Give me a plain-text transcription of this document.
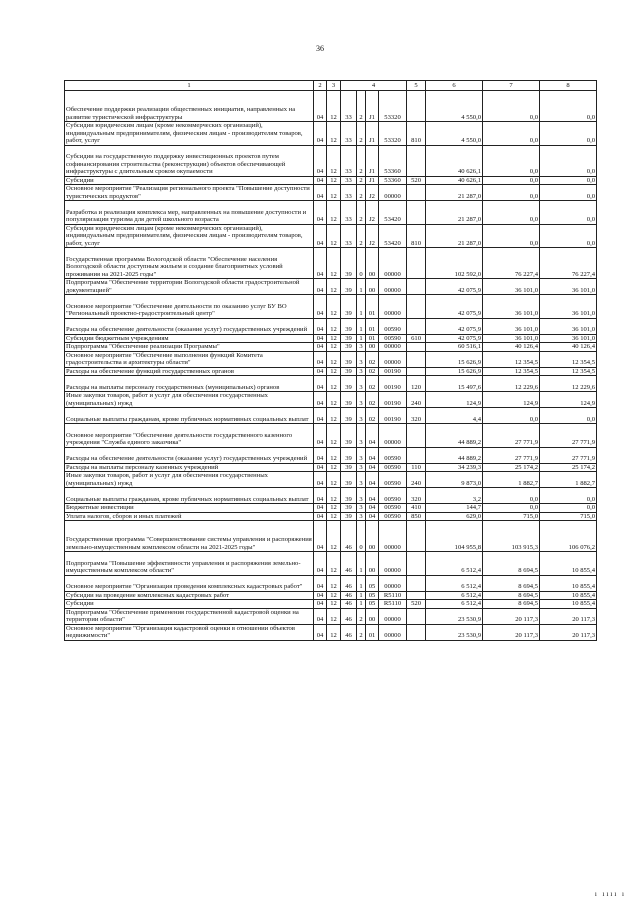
36
1	2	3	4				5	6	7	8
Обеспечение поддержки реализации общественных инициатив, направленных на развитие туристической инфраструктуры	04	12	33	2	J1	53320		4 550,0	0,0	0,0
Субсидии юридическим лицам (кроме некоммерческих организаций), индивидуальным предпринимателям, физическим лицам - производителям товаров, работ, услуг	04	12	33	2	J1	53320	810	4 550,0	0,0	0,0
Субсидии на государственную поддержку инвестиционных проектов путем софинансирования строительства (реконструкции) объектов обеспечивающей инфраструктуры с длительным сроком окупаемости	04	12	33	2	J1	53360		40 626,1	0,0	0,0
Субсидии	04	12	33	2	J1	53360	520	40 626,1	0,0	0,0
Основное мероприятие "Реализация регионального проекта "Повышение доступности туристических продуктов"	04	12	33	2	J2	00000		21 287,0	0,0	0,0
Разработка и реализация комплекса мер, направленных на повышение доступности и популяризации туризма для детей школьного возраста	04	12	33	2	J2	53420		21 287,0	0,0	0,0
Субсидии юридическим лицам (кроме некоммерческих организаций), индивидуальным предпринимателям, физическим лицам - производителям товаров, работ, услуг	04	12	33	2	J2	53420	810	21 287,0	0,0	0,0
Государственная программа Вологодской области "Обеспечение населения Вологодской области доступным жильем и создание благоприятных условий проживания на 2021-2025 годы"	04	12	39	0	00	00000		102 592,0	76 227,4	76 227,4
Подпрограмма "Обеспечение территории Вологодской области градостроительной документацией"	04	12	39	1	00	00000		42 075,9	36 101,0	36 101,0
Основное мероприятие "Обеспечение деятельности по оказанию услуг БУ ВО "Региональный проектно-градостроительный центр"	04	12	39	1	01	00000		42 075,9	36 101,0	36 101,0
Расходы на обеспечение деятельности (оказание услуг) государственных учреждений	04	12	39	1	01	00590		42 075,9	36 101,0	36 101,0
Субсидии бюджетным учреждениям	04	12	39	1	01	00590	610	42 075,9	36 101,0	36 101,0
Подпрограмма "Обеспечение реализации Программы"	04	12	39	3	00	00000		60 516,1	40 126,4	40 126,4
Основное мероприятие "Обеспечение выполнения функций Комитета градостроительства и архитектуры области"	04	12	39	3	02	00000		15 626,9	12 354,5	12 354,5
Расходы на обеспечение функций государственных органов	04	12	39	3	02	00190		15 626,9	12 354,5	12 354,5
Расходы на выплаты персоналу государственных (муниципальных) органов	04	12	39	3	02	00190	120	15 497,6	12 229,6	12 229,6
Иные закупки товаров, работ и услуг для обеспечения государственных (муниципальных) нужд	04	12	39	3	02	00190	240	124,9	124,9	124,9
Социальные выплаты гражданам, кроме публичных нормативных социальных выплат	04	12	39	3	02	00190	320	4,4	0,0	0,0
Основное мероприятие "Обеспечение деятельности государственного казенного учреждения "Служба единого заказчика"	04	12	39	3	04	00000		44 889,2	27 771,9	27 771,9
Расходы на обеспечение деятельности (оказание услуг) государственных учреждений	04	12	39	3	04	00590		44 889,2	27 771,9	27 771,9
Расходы на выплаты персоналу казенных учреждений	04	12	39	3	04	00590	110	34 239,3	25 174,2	25 174,2
Иные закупки товаров, работ и услуг для обеспечения государственных (муниципальных) нужд	04	12	39	3	04	00590	240	9 873,0	1 882,7	1 882,7
Социальные выплаты гражданам, кроме публичных нормативных социальных выплат	04	12	39	3	04	00590	320	3,2	0,0	0,0
Бюджетные инвестиции	04	12	39	3	04	00590	410	144,7	0,0	0,0
Уплата налогов, сборов и иных платежей	04	12	39	3	04	00590	850	629,0	715,0	715,0
Государственная программа "Совершенствование системы управления и распоряжения земельно-имущественным комплексом области на 2021-2025 годы"	04	12	46	0	00	00000		104 955,8	103 915,3	106 076,2
Подпрограмма "Повышение эффективности управления и распоряжения земельно-имущественным комплексом области"	04	12	46	1	00	00000		6 512,4	8 694,5	10 855,4
Основное мероприятие "Организация проведения комплексных кадастровых работ"	04	12	46	1	05	00000		6 512,4	8 694,5	10 855,4
Субсидии на проведение комплексных кадастровых работ	04	12	46	1	05	R5110		6 512,4	8 694,5	10 855,4
Субсидии	04	12	46	1	05	R5110	520	6 512,4	8 694,5	10 855,4
Подпрограмма "Обеспечение применения государственной кадастровой оценки на территории области"	04	12	46	2	00	00000		23 530,9	20 117,3	20 117,3
Основное мероприятие "Организация кадастровой оценки в отношении объектов недвижимости"	04	12	46	2	01	00000		23 530,9	20 117,3	20 117,3
ı ıııı ı
